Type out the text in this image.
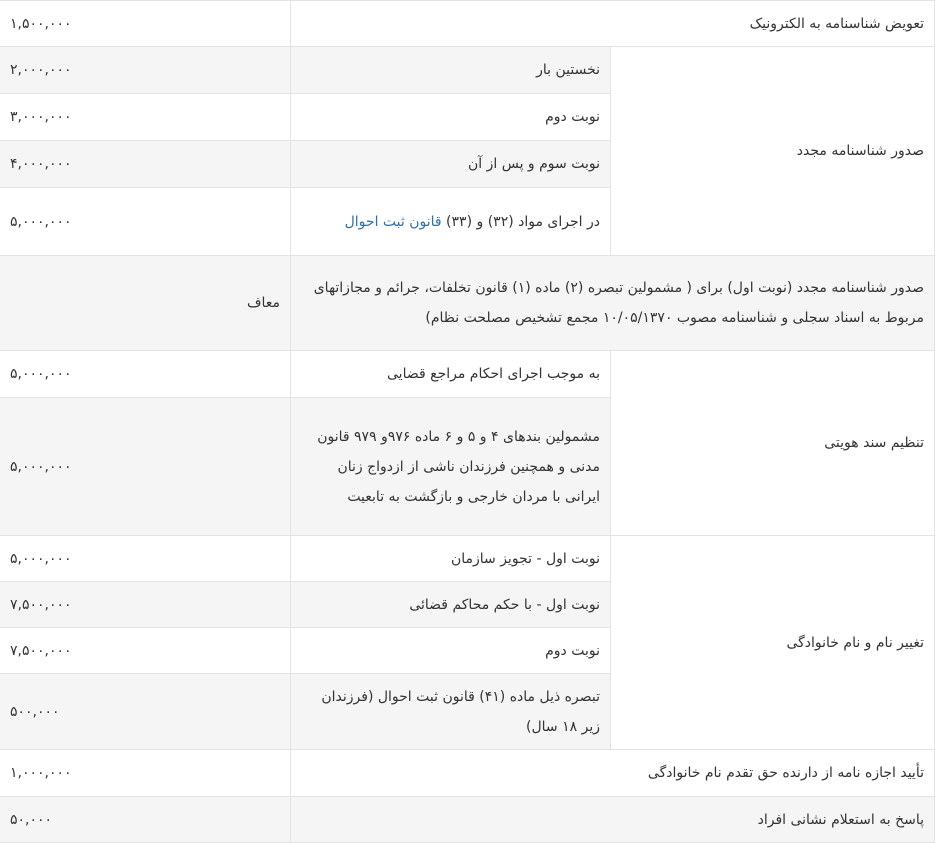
تعویض شناسنامه به الکترونیک		۱,۵۰۰,۰۰۰
صدور شناسنامه مجدد	نخستین بار	۲,۰۰۰,۰۰۰
	نوبت دوم	۳,۰۰۰,۰۰۰
	نوبت سوم و پس از آن	۴,۰۰۰,۰۰۰
	در اجرای مواد (۳۲) و (۳۳) قانون ثبت احوال	۵,۰۰۰,۰۰۰
صدور شناسنامه مجدد (نوبت اول) برای ( مشمولین تبصره (۲) ماده (۱) قانون تخلفات، جرائم و مجازاتهای مربوط به اسناد سجلی و شناسنامه مصوب ۱۰/۰۵/۱۳۷۰ مجمع تشخیص مصلحت نظام)		معاف
تنظیم سند هویتی	به موجب اجرای احکام مراجع قضایی	۵,۰۰۰,۰۰۰
	مشمولین بندهای ۴ و ۵ و ۶ ماده ۹۷۶و ۹۷۹ قانون مدنی و همچنین فرزندان ناشی از ازدواج زنان ایرانی با مردان خارجی و بازگشت به تابعیت	۵,۰۰۰,۰۰۰
تغییر نام و نام خانوادگی	نوبت اول - تجویز سازمان	۵,۰۰۰,۰۰۰
	نوبت اول - با حکم محاکم قضائی	۷,۵۰۰,۰۰۰
	نوبت دوم	۷,۵۰۰,۰۰۰
	تبصره ذیل ماده (۴۱) قانون ثبت احوال (فرزندان زیر ۱۸ سال)	۵۰۰,۰۰۰
تأیید اجازه نامه از دارنده حق تقدم نام خانوادگی		۱,۰۰۰,۰۰۰
پاسخ به استعلام نشانی افراد		۵۰,۰۰۰
